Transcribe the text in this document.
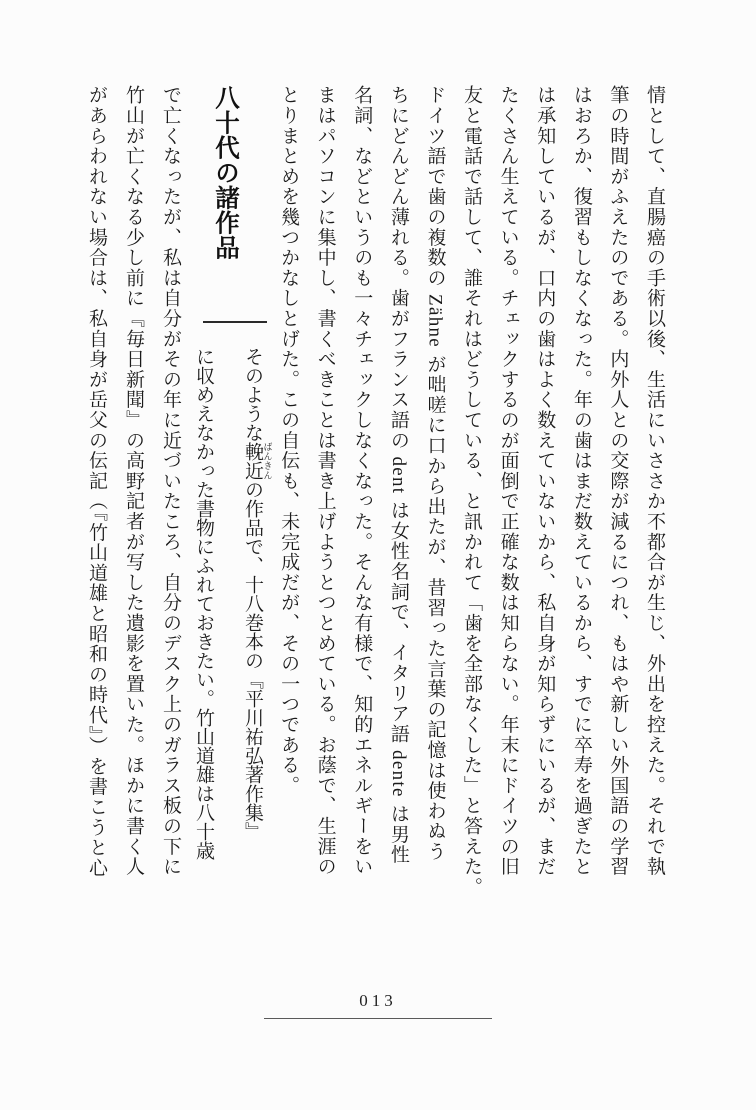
情として、直腸癌の手術以後、生活にいささか不都合が生じ、外出を控えた。それで執
筆の時間がふえたのである。内外人との交際が減るにつれ、もはや新しい外国語の学習
はおろか、復習もしなくなった。年の歯はまだ数えているから、すでに卒寿を過ぎたと
は承知しているが、口内の歯はよく数えていないから、私自身が知らずにいるが、まだ
たくさん生えている。チェックするのが面倒で正確な数は知らない。年末にドイツの旧
友と電話で話して、誰それはどうしている、と訊かれて「歯を全部なくした」と答えた。
ドイツ語で歯の複数の Zähne が咄嗟に口から出たが、昔習った言葉の記憶は使わぬう
ちにどんどん薄れる。歯がフランス語の dent は女性名詞で、イタリア語 dente は男性
名詞、などというのも一々チェックしなくなった。そんな有様で、知的エネルギーをい
まはパソコンに集中し、書くべきことは書き上げようとつとめている。お蔭で、生涯の
とりまとめを幾つかなしとげた。この自伝も、未完成だが、その一つである。
八十代の諸作品
そのような輓近 ばんきんの作品で、十八巻本の『平川祐弘著作集』
に収めえなかった書物にふれておきたい。竹山道雄は八十歳
で亡くなったが、私は自分がその年に近づいたころ、自分のデスク上のガラス板の下に
竹山が亡くなる少し前に『毎日新聞』の高野記者が写した遺影を置いた。ほかに書く人
があらわれない場合は、私自身が岳父の伝記（『竹山道雄と昭和の時代』）を書こうと心
013
